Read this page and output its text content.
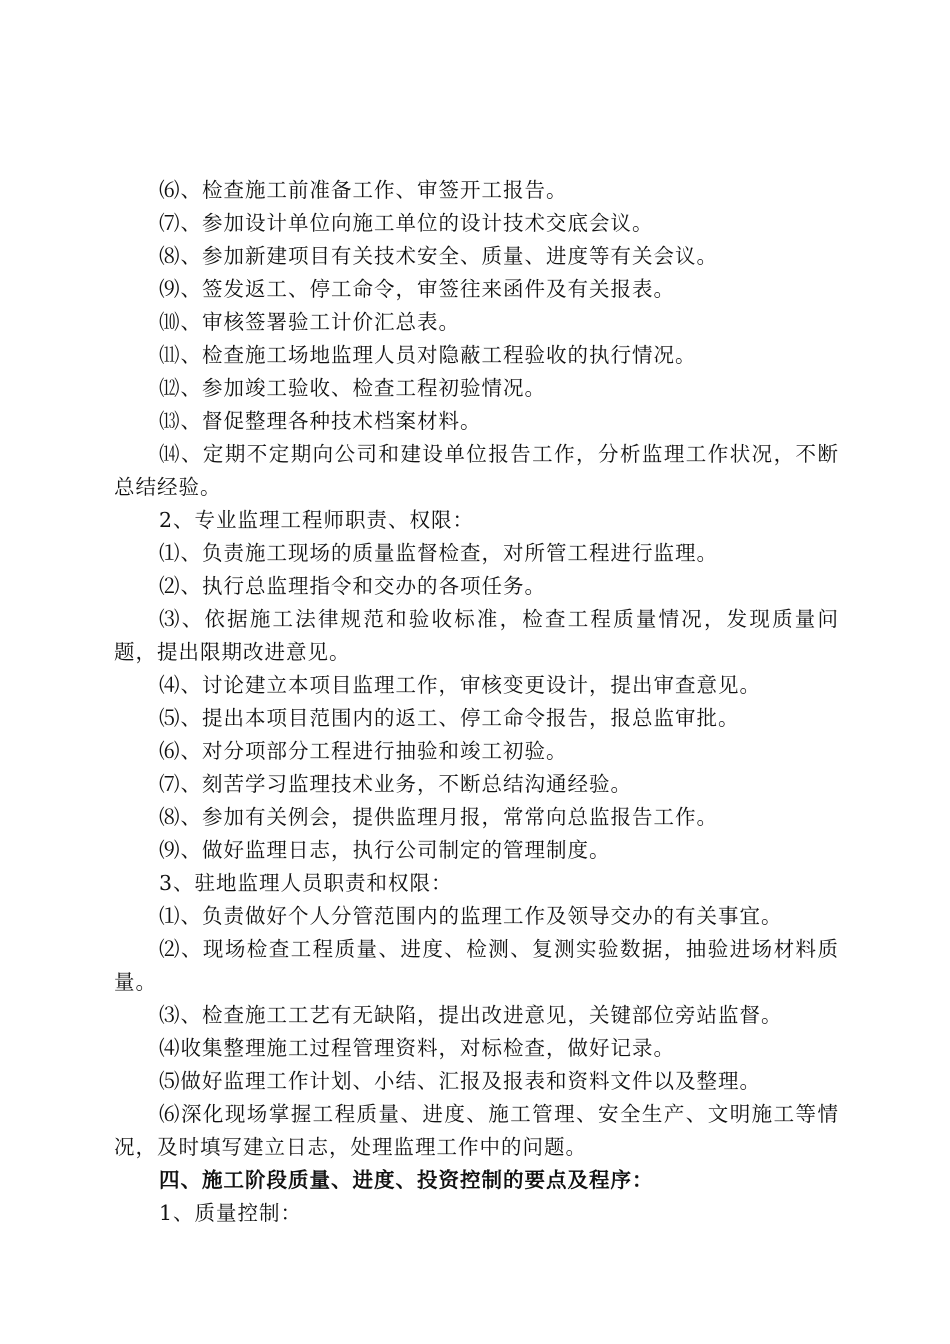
⑹、检查施工前准备工作、审签开工报告。

⑺、参加设计单位向施工单位的设计技术交底会议。

⑻、参加新建项目有关技术安全、质量、进度等有关会议。

⑼、签发返工、停工命令，审签往来函件及有关报表。

⑽、审核签署验工计价汇总表。

⑾、检查施工场地监理人员对隐蔽工程验收的执行情况。

⑿、参加竣工验收、检查工程初验情况。

⒀、督促整理各种技术档案材料。

⒁、定期不定期向公司和建设单位报告工作，分析监理工作状况，不断总结经验。

2、专业监理工程师职责、权限：

⑴、负责施工现场的质量监督检查，对所管工程进行监理。

⑵、执行总监理指令和交办的各项任务。

⑶、依据施工法律规范和验收标准，检查工程质量情况，发现质量问题，提出限期改进意见。

⑷、讨论建立本项目监理工作，审核变更设计，提出审查意见。

⑸、提出本项目范围内的返工、停工命令报告，报总监审批。

⑹、对分项部分工程进行抽验和竣工初验。

⑺、刻苦学习监理技术业务，不断总结沟通经验。

⑻、参加有关例会，提供监理月报，常常向总监报告工作。

⑼、做好监理日志，执行公司制定的管理制度。

3、驻地监理人员职责和权限：

⑴、负责做好个人分管范围内的监理工作及领导交办的有关事宜。

⑵、现场检查工程质量、进度、检测、复测实验数据，抽验进场材料质量。

⑶、检查施工工艺有无缺陷，提出改进意见，关键部位旁站监督。

⑷收集整理施工过程管理资料，对标检查，做好记录。

⑸做好监理工作计划、小结、汇报及报表和资料文件以及整理。

⑹深化现场掌握工程质量、进度、施工管理、安全生产、文明施工等情况，及时填写建立日志，处理监理工作中的问题。

四、施工阶段质量、进度、投资控制的要点及程序：

1、质量控制：
